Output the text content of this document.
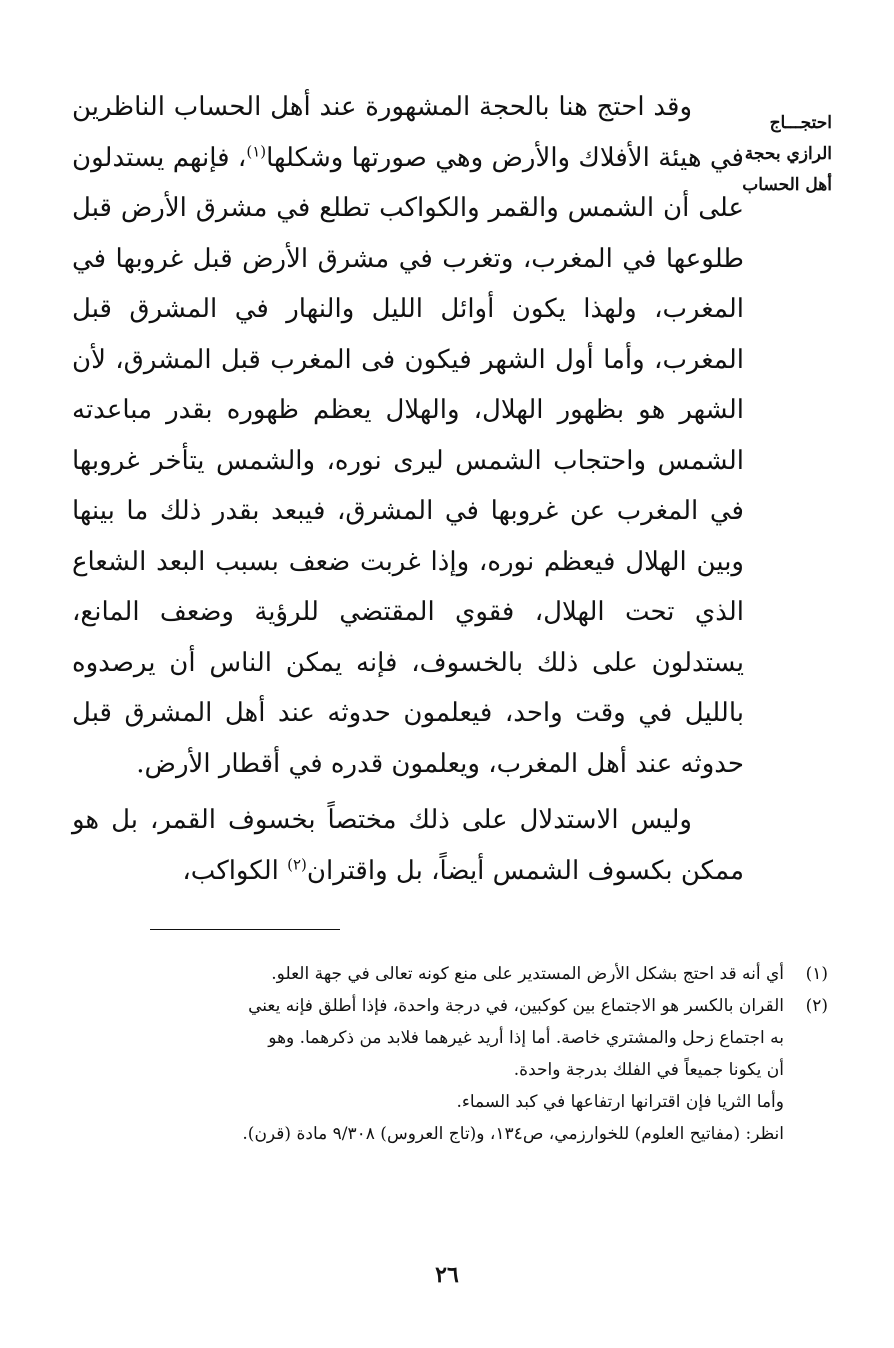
احتجـــاج
الرازي بحجة
أهل الحساب

وقد احتج هنا بالحجة المشهورة عند أهل الحساب الناظرين في هيئة الأفلاك والأرض وهي صورتها وشكلها$^{(١)}$، فإنهم يستدلون على أن الشمس والقمر والكواكب تطلع في مشرق الأرض قبل طلوعها في المغرب، وتغرب في مشرق الأرض قبل غروبها في المغرب، ولهذا يكون أوائل الليل والنهار في المشرق قبل المغرب، وأما أول الشهر فيكون فى المغرب قبل المشرق، لأن الشهر هو بظهور الهلال، والهلال يعظم ظهوره بقدر مباعدته الشمس واحتجاب الشمس ليرى نوره، والشمس يتأخر غروبها في المغرب عن غروبها في المشرق، فيبعد بقدر ذلك ما بينها وبين الهلال فيعظم نوره، وإذا غربت ضعف بسبب البعد الشعاع الذي تحت الهلال، فقوي المقتضي للرؤية وضعف المانع، يستدلون على ذلك بالخسوف، فإنه يمكن الناس أن يرصدوه بالليل في وقت واحد، فيعلمون حدوثه عند أهل المشرق قبل حدوثه عند أهل المغرب، ويعلمون قدره في أقطار الأرض.

وليس الاستدلال على ذلك مختصاً بخسوف القمر، بل هو ممكن بكسوف الشمس أيضاً، بل واقتران$^{(٢)}$ الكواكب،

(١)
أي أنه قد احتج بشكل الأرض المستدير على منع كونه تعالى في جهة العلو.
(٢)
القران بالكسر هو الاجتماع بين كوكبين، في درجة واحدة، فإذا أطلق فإنه يعني
به اجتماع زحل والمشتري خاصة. أما إذا أريد غيرهما فلابد من ذكرهما. وهو
أن يكونا جميعاً في الفلك بدرجة واحدة.
وأما الثريا فإن اقترانها ارتفاعها في كبد السماء.
انظر: (مفاتيح العلوم) للخوارزمي، ص١٣٤، و(تاج العروس) ٩/٣٠٨ مادة (قرن).
٢٦
